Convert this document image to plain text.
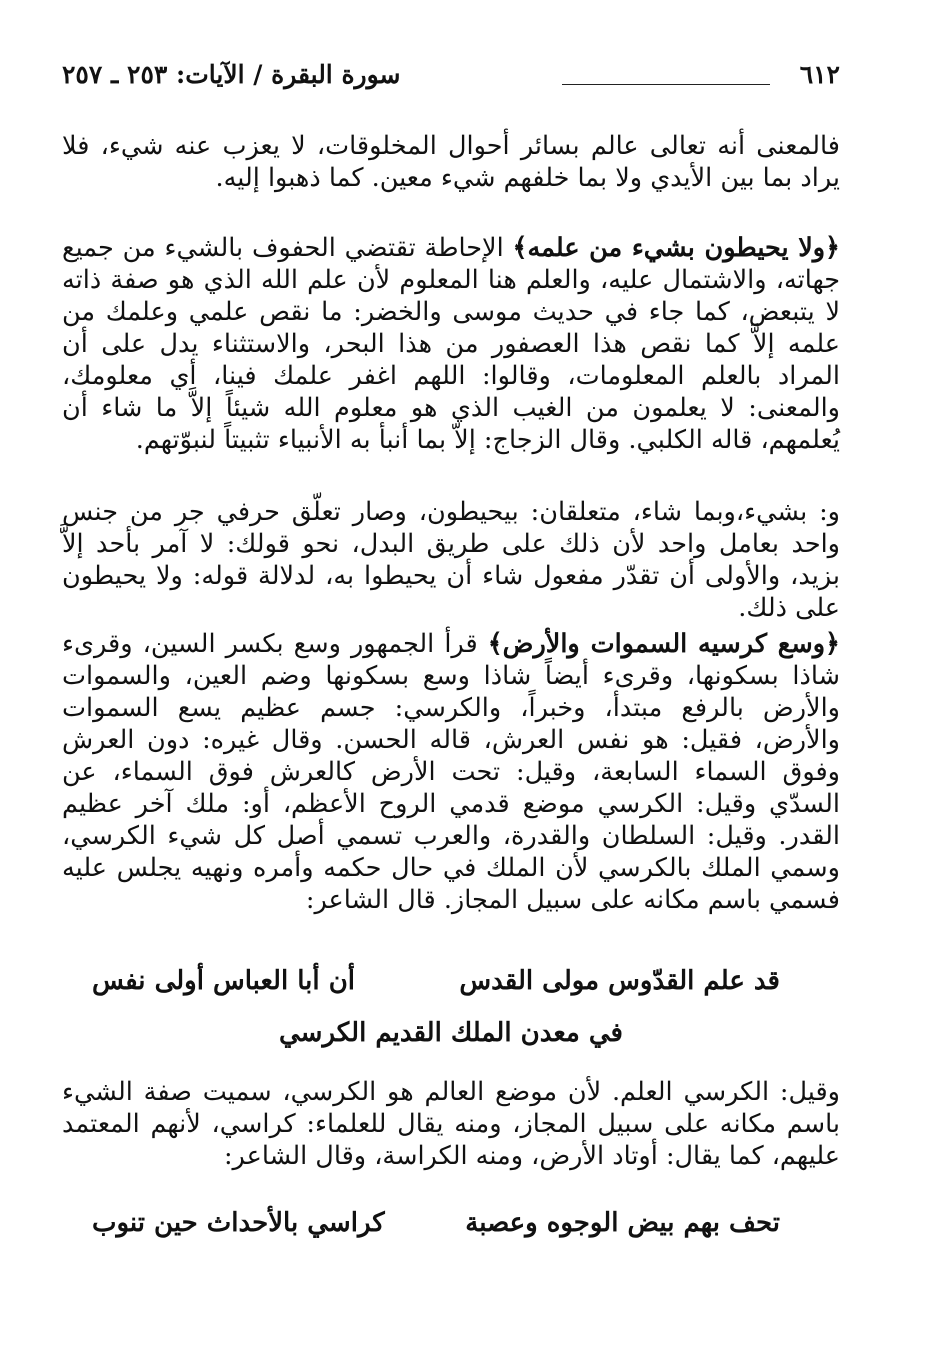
٦١٢
سورة البقرة / الآيات: ٢٥٣ ـ ٢٥٧

فالمعنى أنه تعالى عالم بسائر أحوال المخلوقات، لا يعزب عنه شيء، فلا يراد بما بين الأيدي ولا بما خلفهم شيء معين. كما ذهبوا إليه.

﴿ولا يحيطون بشيء من علمه﴾ الإحاطة تقتضي الحفوف بالشيء من جميع جهاته، والاشتمال عليه، والعلم هنا المعلوم لأن علم الله الذي هو صفة ذاته لا يتبعض، كما جاء في حديث موسى والخضر: ما نقص علمي وعلمك من علمه إلاَّ كما نقص هذا العصفور من هذا البحر، والاستثناء يدل على أن المراد بالعلم المعلومات، وقالوا: اللهم اغفر علمك فينا، أي معلومك، والمعنى: لا يعلمون من الغيب الذي هو معلوم الله شيئاً إلاَّ ما شاء أن يُعلمهم، قاله الكلبي. وقال الزجاج: إلاّ بما أنبأ به الأنبياء تثبيتاً لنبوّتهم.

و: بشيء،وبما شاء، متعلقان: بيحيطون، وصار تعلّق حرفي جر من جنس واحد بعامل واحد لأن ذلك على طريق البدل، نحو قولك: لا آمر بأحد إلاَّ بزيد، والأولى أن تقدّر مفعول شاء أن يحيطوا به، لدلالة قوله: ولا يحيطون على ذلك.

﴿وسع كرسيه السموات والأرض﴾ قرأ الجمهور وسع بكسر السين، وقرىء شاذا بسكونها، وقرىء أيضاً شاذا وسع بسكونها وضم العين، والسموات والأرض بالرفع مبتدأ، وخبراً، والكرسي: جسم عظيم يسع السموات والأرض، فقيل: هو نفس العرش، قاله الحسن. وقال غيره: دون العرش وفوق السماء السابعة، وقيل: تحت الأرض كالعرش فوق السماء، عن السدّي وقيل: الكرسي موضع قدمي الروح الأعظم، أو: ملك آخر عظيم القدر. وقيل: السلطان والقدرة، والعرب تسمي أصل كل شيء الكرسي، وسمي الملك بالكرسي لأن الملك في حال حكمه وأمره ونهيه يجلس عليه فسمي باسم مكانه على سبيل المجاز. قال الشاعر:

قد علم القدّوس مولى القدس
أن أبا العباس أولى نفس
في معدن الملك القديم الكرسي

وقيل: الكرسي العلم. لأن موضع العالم هو الكرسي، سميت صفة الشيء باسم مكانه على سبيل المجاز، ومنه يقال للعلماء: كراسي، لأنهم المعتمد عليهم، كما يقال: أوتاد الأرض، ومنه الكراسة، وقال الشاعر:

تحف بهم بيض الوجوه وعصبة
كراسي بالأحداث حين تنوب
